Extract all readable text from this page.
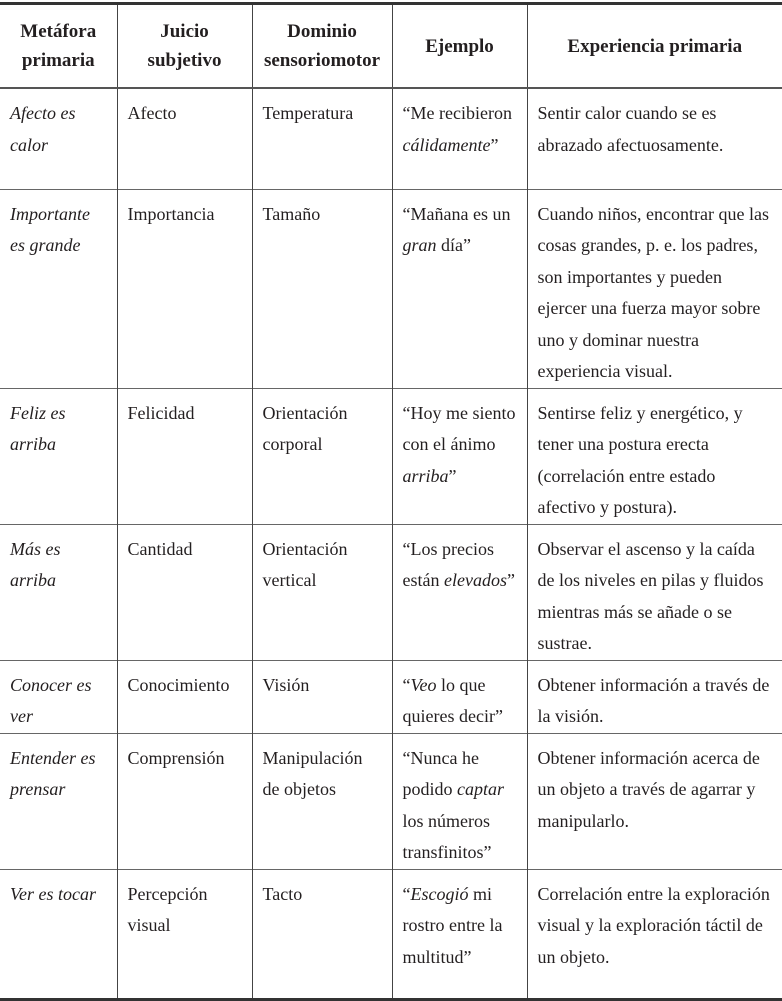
Metáfora primaria	Juicio subjetivo	Dominio sensoriomotor	Ejemplo	Experiencia primaria
Afecto es calor	Afecto	Temperatura	“Me recibieron cálidamente”	Sentir calor cuando se es abrazado afectuosamente.
Importante es grande	Importancia	Tamaño	“Mañana es un gran día”	Cuando niños, encontrar que las cosas grandes, p. e. los padres, son importantes y pueden ejercer una fuerza mayor sobre uno y dominar nuestra experiencia visual.
Feliz es arriba	Felicidad	Orientación corporal	“Hoy me siento con el ánimo arriba”	Sentirse feliz y energético, y tener una postura erecta (correlación entre estado afectivo y postura).
Más es arriba	Cantidad	Orientación vertical	“Los precios están elevados”	Observar el ascenso y la caída de los niveles en pilas y fluidos mientras más se añade o se sustrae.
Conocer es ver	Conocimiento	Visión	“Veo lo que quieres decir”	Obtener información a través de la visión.
Entender es prensar	Comprensión	Manipulación de objetos	“Nunca he podido captar los números transfinitos”	Obtener información acerca de un objeto a través de agarrar y manipularlo.
Ver es tocar	Percepción visual	Tacto	“Escogió mi rostro entre la multitud”	Correlación entre la exploración visual y la exploración táctil de un objeto.
